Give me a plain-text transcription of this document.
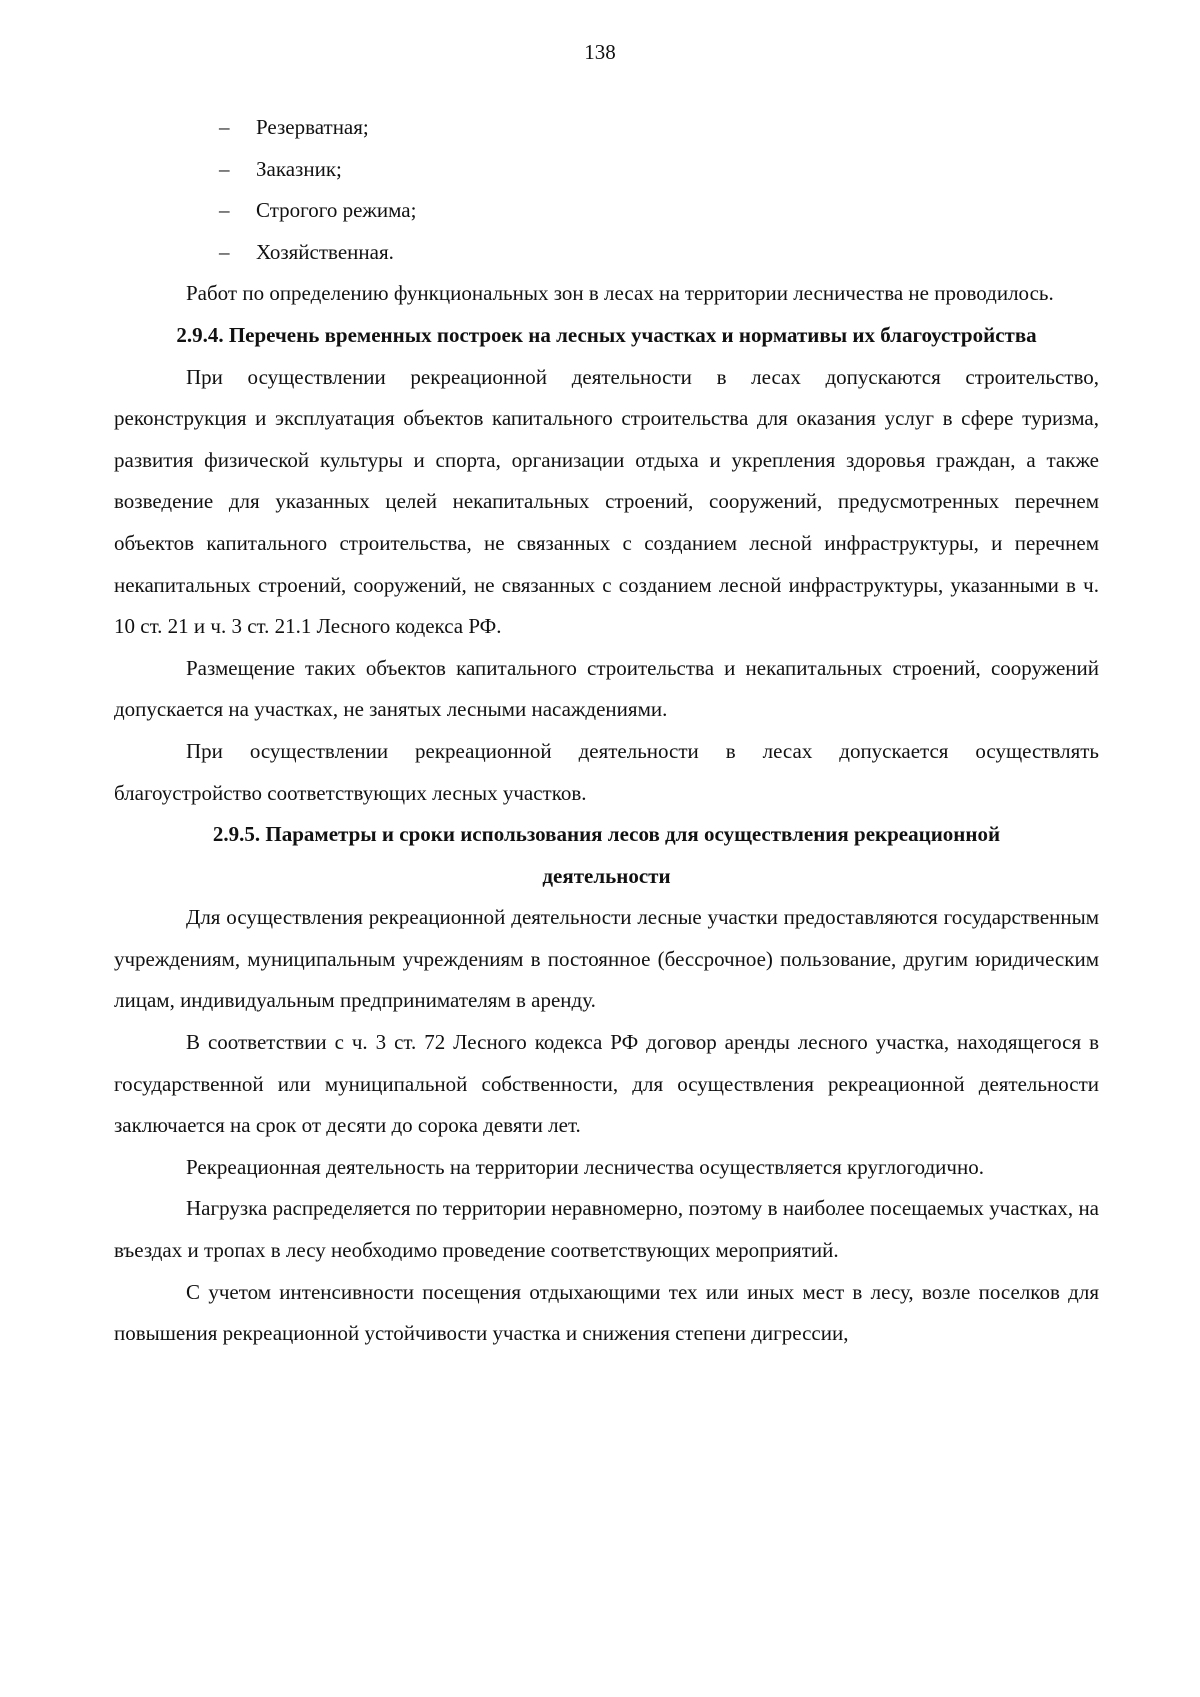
138
– Резерватная;
– Заказник;
– Строгого режима;
– Хозяйственная.

Работ по определению функциональных зон в лесах на территории лесничества не проводилось.

2.9.4. Перечень временных построек на лесных участках и нормативы их благоустройства

При осуществлении рекреационной деятельности в лесах допускаются строительство, реконструкция и эксплуатация объектов капитального строительства для оказания услуг в сфере туризма, развития физической культуры и спорта, организации отдыха и укрепления здоровья граждан, а также возведение для указанных целей некапитальных строений, сооружений, предусмотренных перечнем объектов капитального строительства, не связанных с созданием лесной инфраструктуры, и перечнем некапитальных строений, сооружений, не связанных с созданием лесной инфраструктуры, указанными в ч. 10 ст. 21 и ч. 3 ст. 21.1 Лесного кодекса РФ.

Размещение таких объектов капитального строительства и некапитальных строений, сооружений допускается на участках, не занятых лесными насаждениями.

При осуществлении рекреационной деятельности в лесах допускается осуществлять благоустройство соответствующих лесных участков.

2.9.5. Параметры и сроки использования лесов для осуществления рекреационной деятельности

Для осуществления рекреационной деятельности лесные участки предоставляются государственным учреждениям, муниципальным учреждениям в постоянное (бессрочное) пользование, другим юридическим лицам, индивидуальным предпринимателям в аренду.

В соответствии с ч. 3 ст. 72 Лесного кодекса РФ договор аренды лесного участка, находящегося в государственной или муниципальной собственности, для осуществления рекреационной деятельности заключается на срок от десяти до сорока девяти лет.

Рекреационная деятельность на территории лесничества осуществляется круглогодично.

Нагрузка распределяется по территории неравномерно, поэтому в наиболее посещаемых участках, на въездах и тропах в лесу необходимо проведение соответствующих мероприятий.

С учетом интенсивности посещения отдыхающими тех или иных мест в лесу, возле поселков для повышения рекреационной устойчивости участка и снижения степени дигрессии,
